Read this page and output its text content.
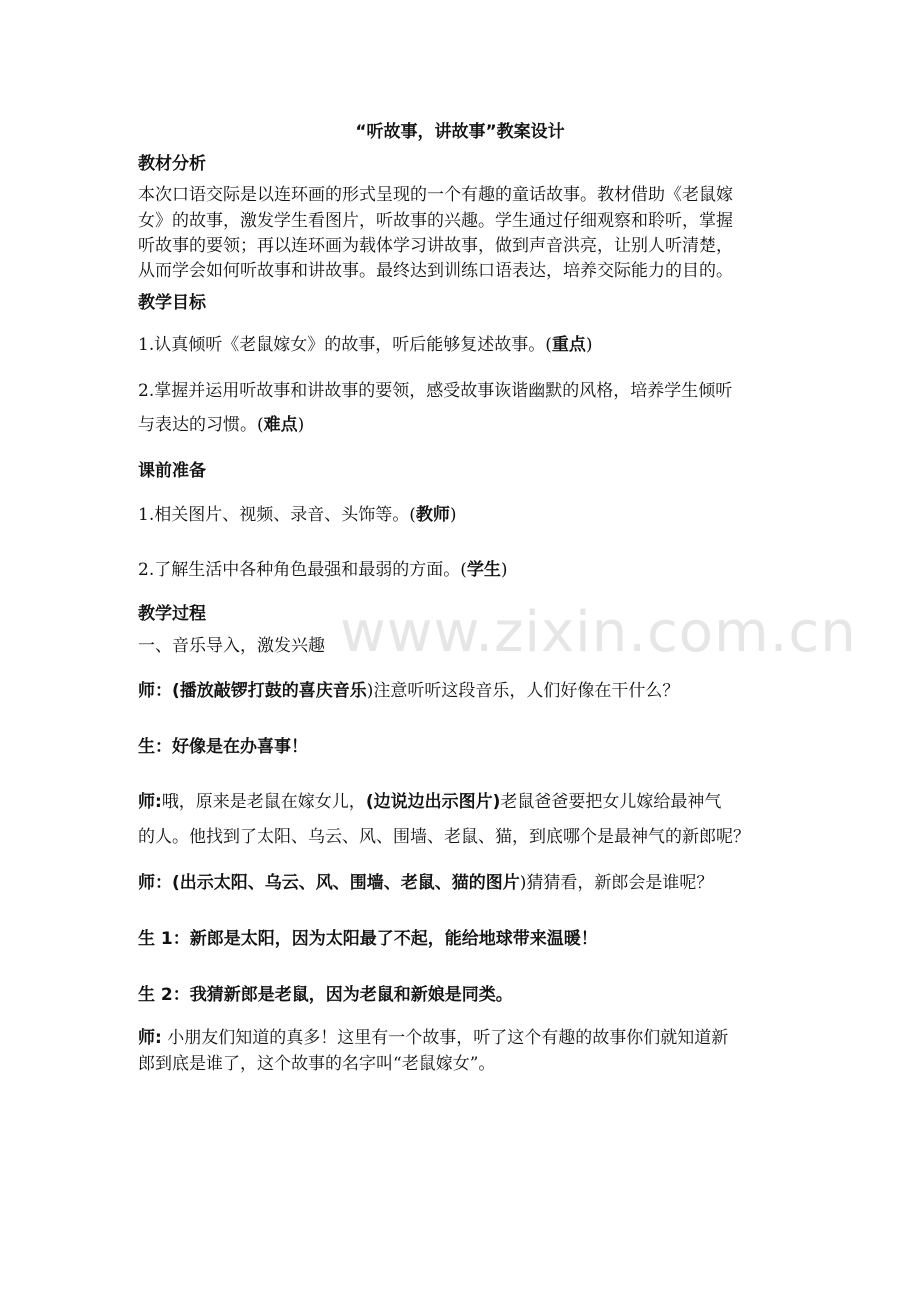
www.zixin.com.cn
“听故事，讲故事”教案设计
教材分析
本次口语交际是以连环画的形式呈现的一个有趣的童话故事。教材借助《老鼠嫁
女》的故事，激发学生看图片，听故事的兴趣。学生通过仔细观察和聆听，掌握
听故事的要领；再以连环画为载体学习讲故事，做到声音洪亮，让别人听清楚，
从而学会如何听故事和讲故事。最终达到训练口语表达，培养交际能力的目的。
教学目标
1.认真倾听《老鼠嫁女》的故事，听后能够复述故事。(重点)
2.掌握并运用听故事和讲故事的要领，感受故事诙谐幽默的风格，培养学生倾听
与表达的习惯。(难点)
课前准备
1.相关图片、视频、录音、头饰等。(教师)
2.了解生活中各种角色最强和最弱的方面。(学生)
教学过程
一、音乐导入，激发兴趣
师：(播放敲锣打鼓的喜庆音乐)注意听听这段音乐，人们好像在干什么？
生：好像是在办喜事！
师:哦，原来是老鼠在嫁女儿，(边说边出示图片)老鼠爸爸要把女儿嫁给最神气
的人。他找到了太阳、乌云、风、围墙、老鼠、猫，到底哪个是最神气的新郎呢？
师：(出示太阳、乌云、风、围墙、老鼠、猫的图片)猜猜看，新郎会是谁呢？
生 1：新郎是太阳，因为太阳最了不起，能给地球带来温暖！
生 2：我猜新郎是老鼠，因为老鼠和新娘是同类。
师: 小朋友们知道的真多！这里有一个故事，听了这个有趣的故事你们就知道新
郎到底是谁了，这个故事的名字叫“老鼠嫁女”。
